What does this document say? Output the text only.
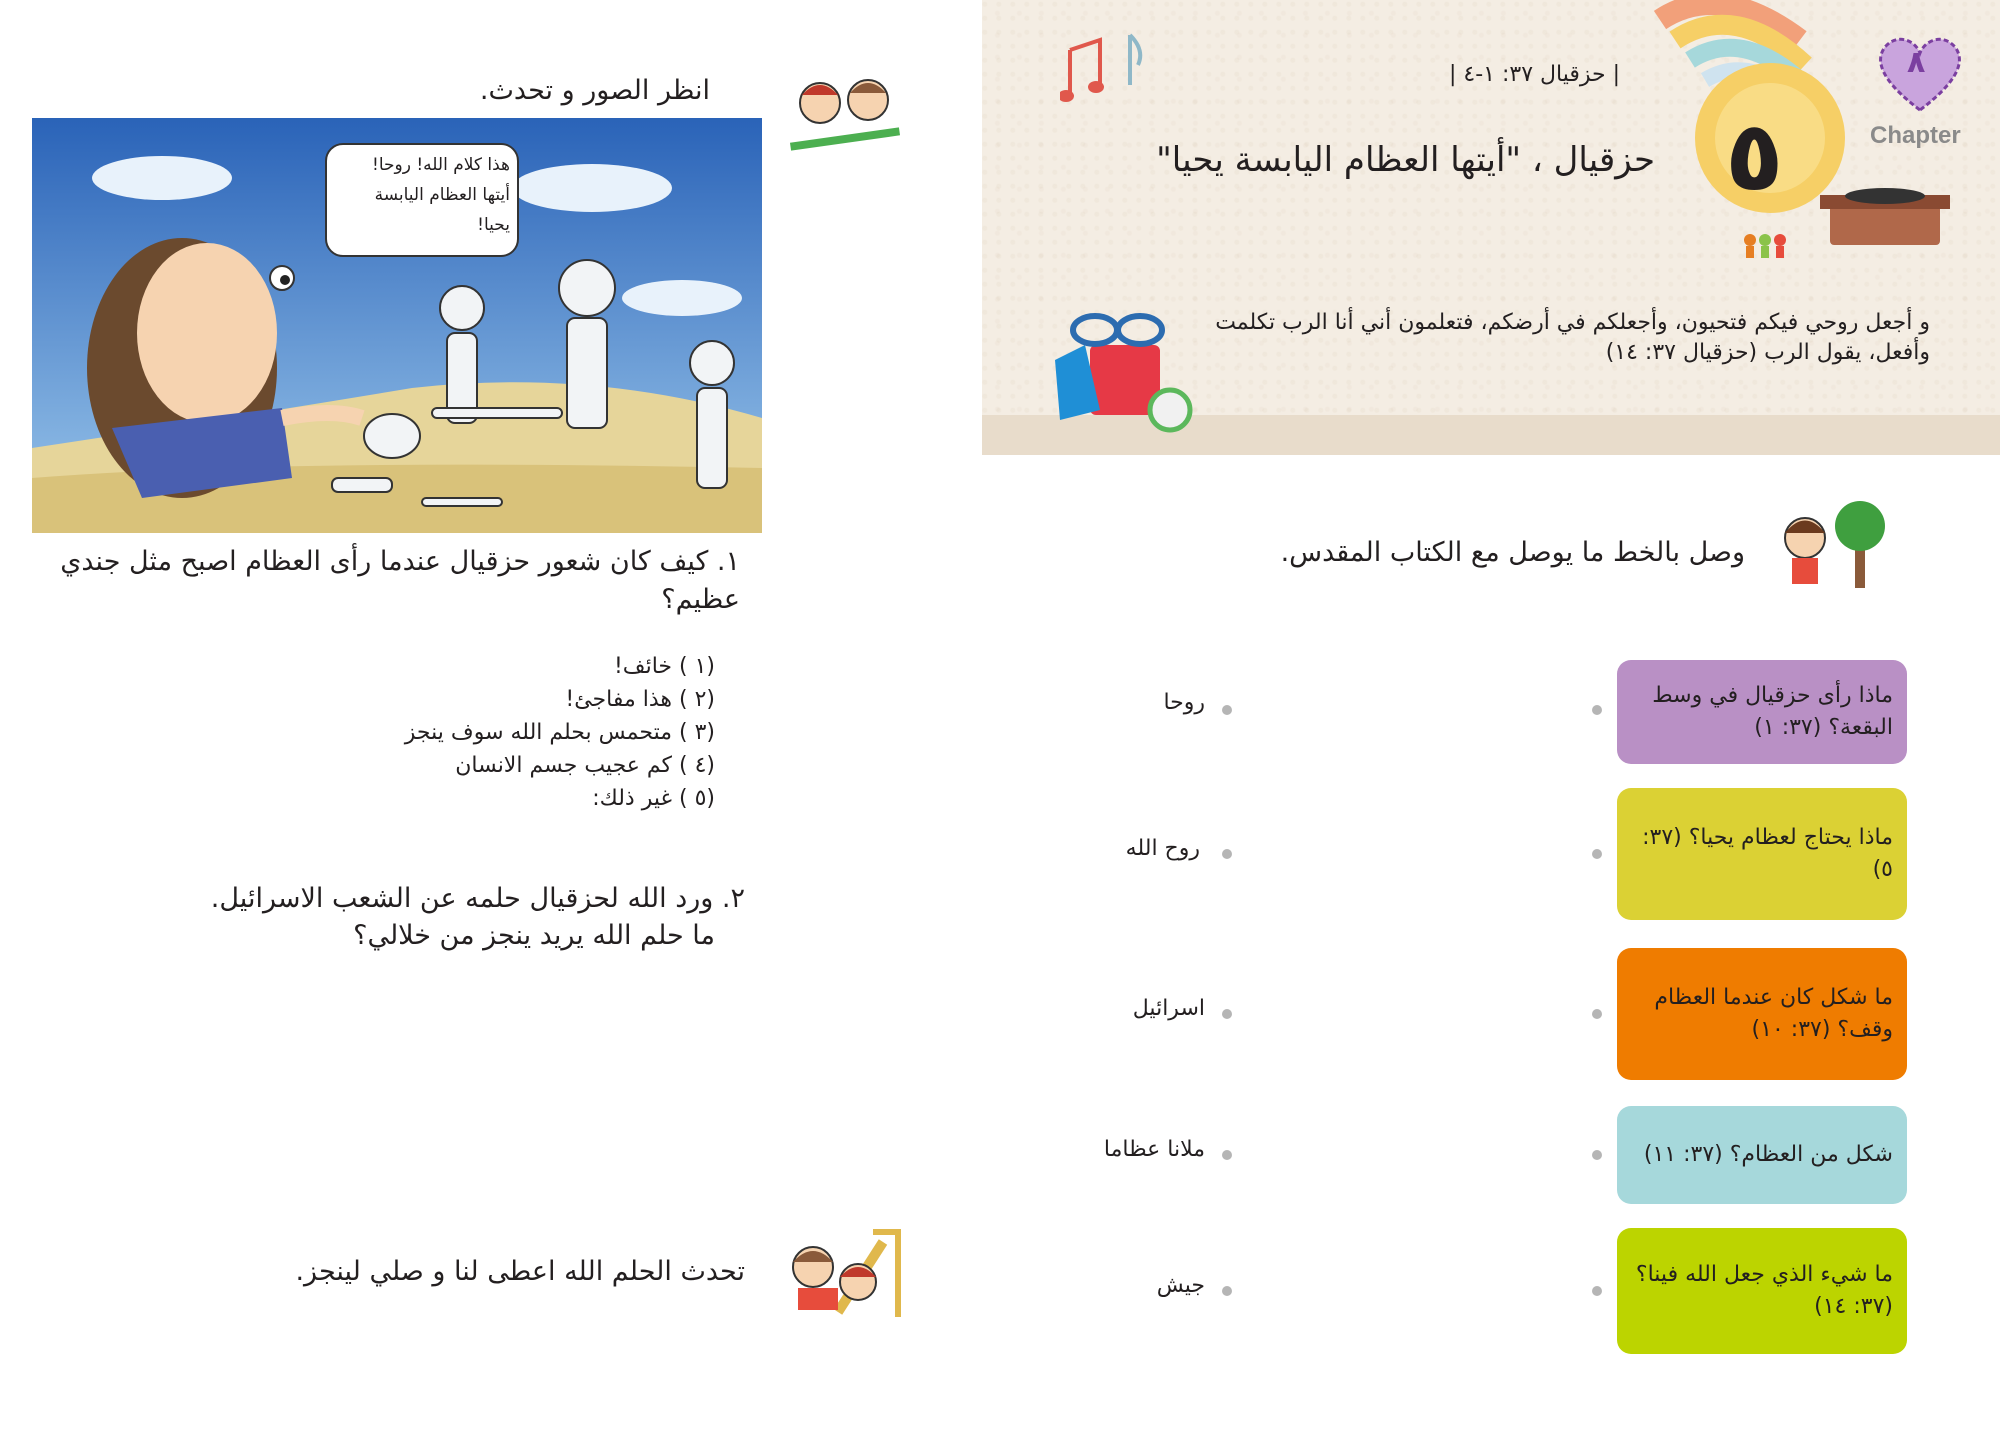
٥	Chapter
٨
| حزقيال ٣٧: ١-٤ |
حزقيال ، "أيتها العظام اليابسة يحيا"
و أجعل روحي فيكم فتحيون، وأجعلكم في أرضكم، فتعلمون أني أنا الرب تكلمت وأفعل، يقول الرب (حزقيال ٣٧: ١٤)
وصل بالخط ما يوصل مع الكتاب المقدس.
ماذا رأى حزقيال في وسط البقعة؟ (٣٧: ١)
ماذا يحتاج لعظام يحيا؟ (٣٧: ٥)
ما شكل كان عندما العظام وقف؟ (٣٧: ١٠)
شكل من العظام؟ (٣٧: ١١)
ما شيء الذي جعل الله فينا؟ (٣٧: ١٤)
روحا
روح الله
اسرائيل
ملانا عظاما
جيش
انظر الصور و تحدث.
هذا كلام الله! روحا! أيتها العظام اليابسة يحيا!
١. كيف كان شعور حزقيال عندما رأى العظام اصبح مثل جندي عظيم؟
(١ ) خائف!
(٢ ) هذا مفاجئ!
(٣ ) متحمس بحلم الله سوف ينجز
(٤ ) كم عجيب جسم الانسان
(٥ ) غير ذلك:
٢. ورد الله لحزقيال حلمه عن الشعب الاسرائيل.
ما حلم الله يريد ينجز من خلالي؟
تحدث الحلم الله اعطى لنا و صلي لينجز.
